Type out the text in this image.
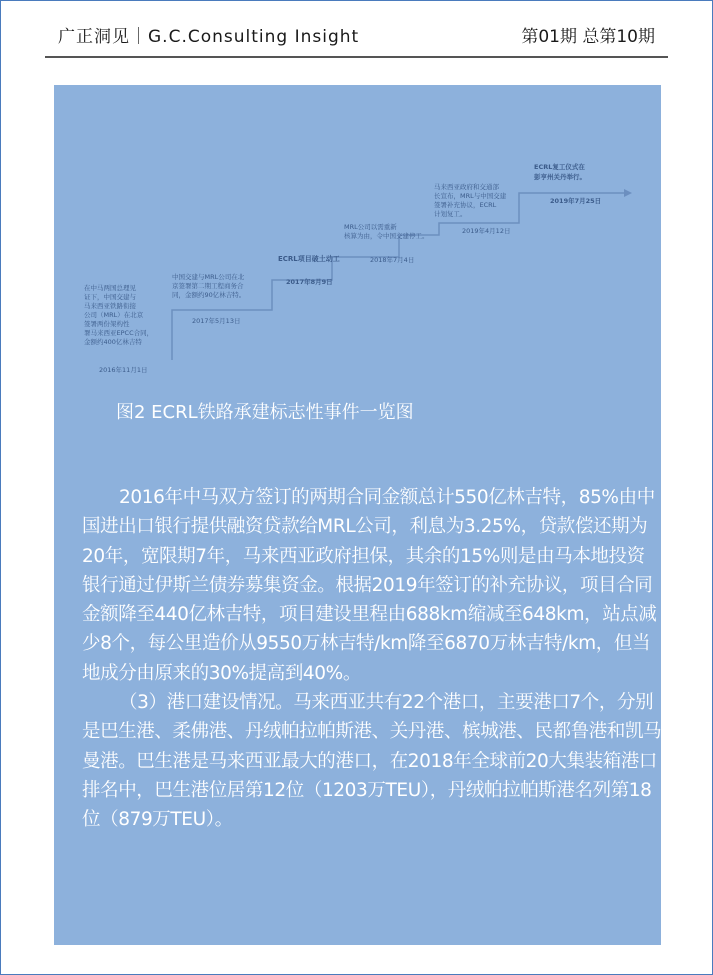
广正洞见｜G.C.Consulting Insight	第01期 总第10期
在中马两国总理见
证下，中国交建与
马来西亚铁路衔接
公司（MRL）在北京
签署两份架构性
署马来西亚EPCC合同，
金额约400亿林吉特
2016年11月1日
中国交建与MRL公司在北
京签署第二期工程商务合
同，金额约90亿林吉特。
2017年5月13日
ECRL项目破土动工
2017年8月9日
MRL公司以需重新
核算为由，令中国交建停工。
2018年7月4日
马来西亚政府和交通部
长宣布，MRL与中国交建
签署补充协议，ECRL
计划复工。
2019年4月12日
ECRL复工仪式在
彭亨州关丹举行。
2019年7月25日
图2 ECRL铁路承建标志性事件一览图

2016年中马双方签订的两期合同金额总计550亿林吉特，85%由中国进出口银行提供融资贷款给MRL公司，利息为3.25%，贷款偿还期为20年，宽限期7年，马来西亚政府担保，其余的15%则是由马本地投资银行通过伊斯兰债券募集资金。根据2019年签订的补充协议，项目合同金额降至440亿林吉特，项目建设里程由688km缩减至648km，站点减少8个，每公里造价从9550万林吉特/km降至6870万林吉特/km，但当地成分由原来的30%提高到40%。

（3）港口建设情况。马来西亚共有22个港口，主要港口7个，分别是巴生港、柔佛港、丹绒帕拉帕斯港、关丹港、槟城港、民都鲁港和凯马曼港。巴生港是马来西亚最大的港口，在2018年全球前20大集装箱港口排名中，巴生港位居第12位（1203万TEU），丹绒帕拉帕斯港名列第18位（879万TEU）。
